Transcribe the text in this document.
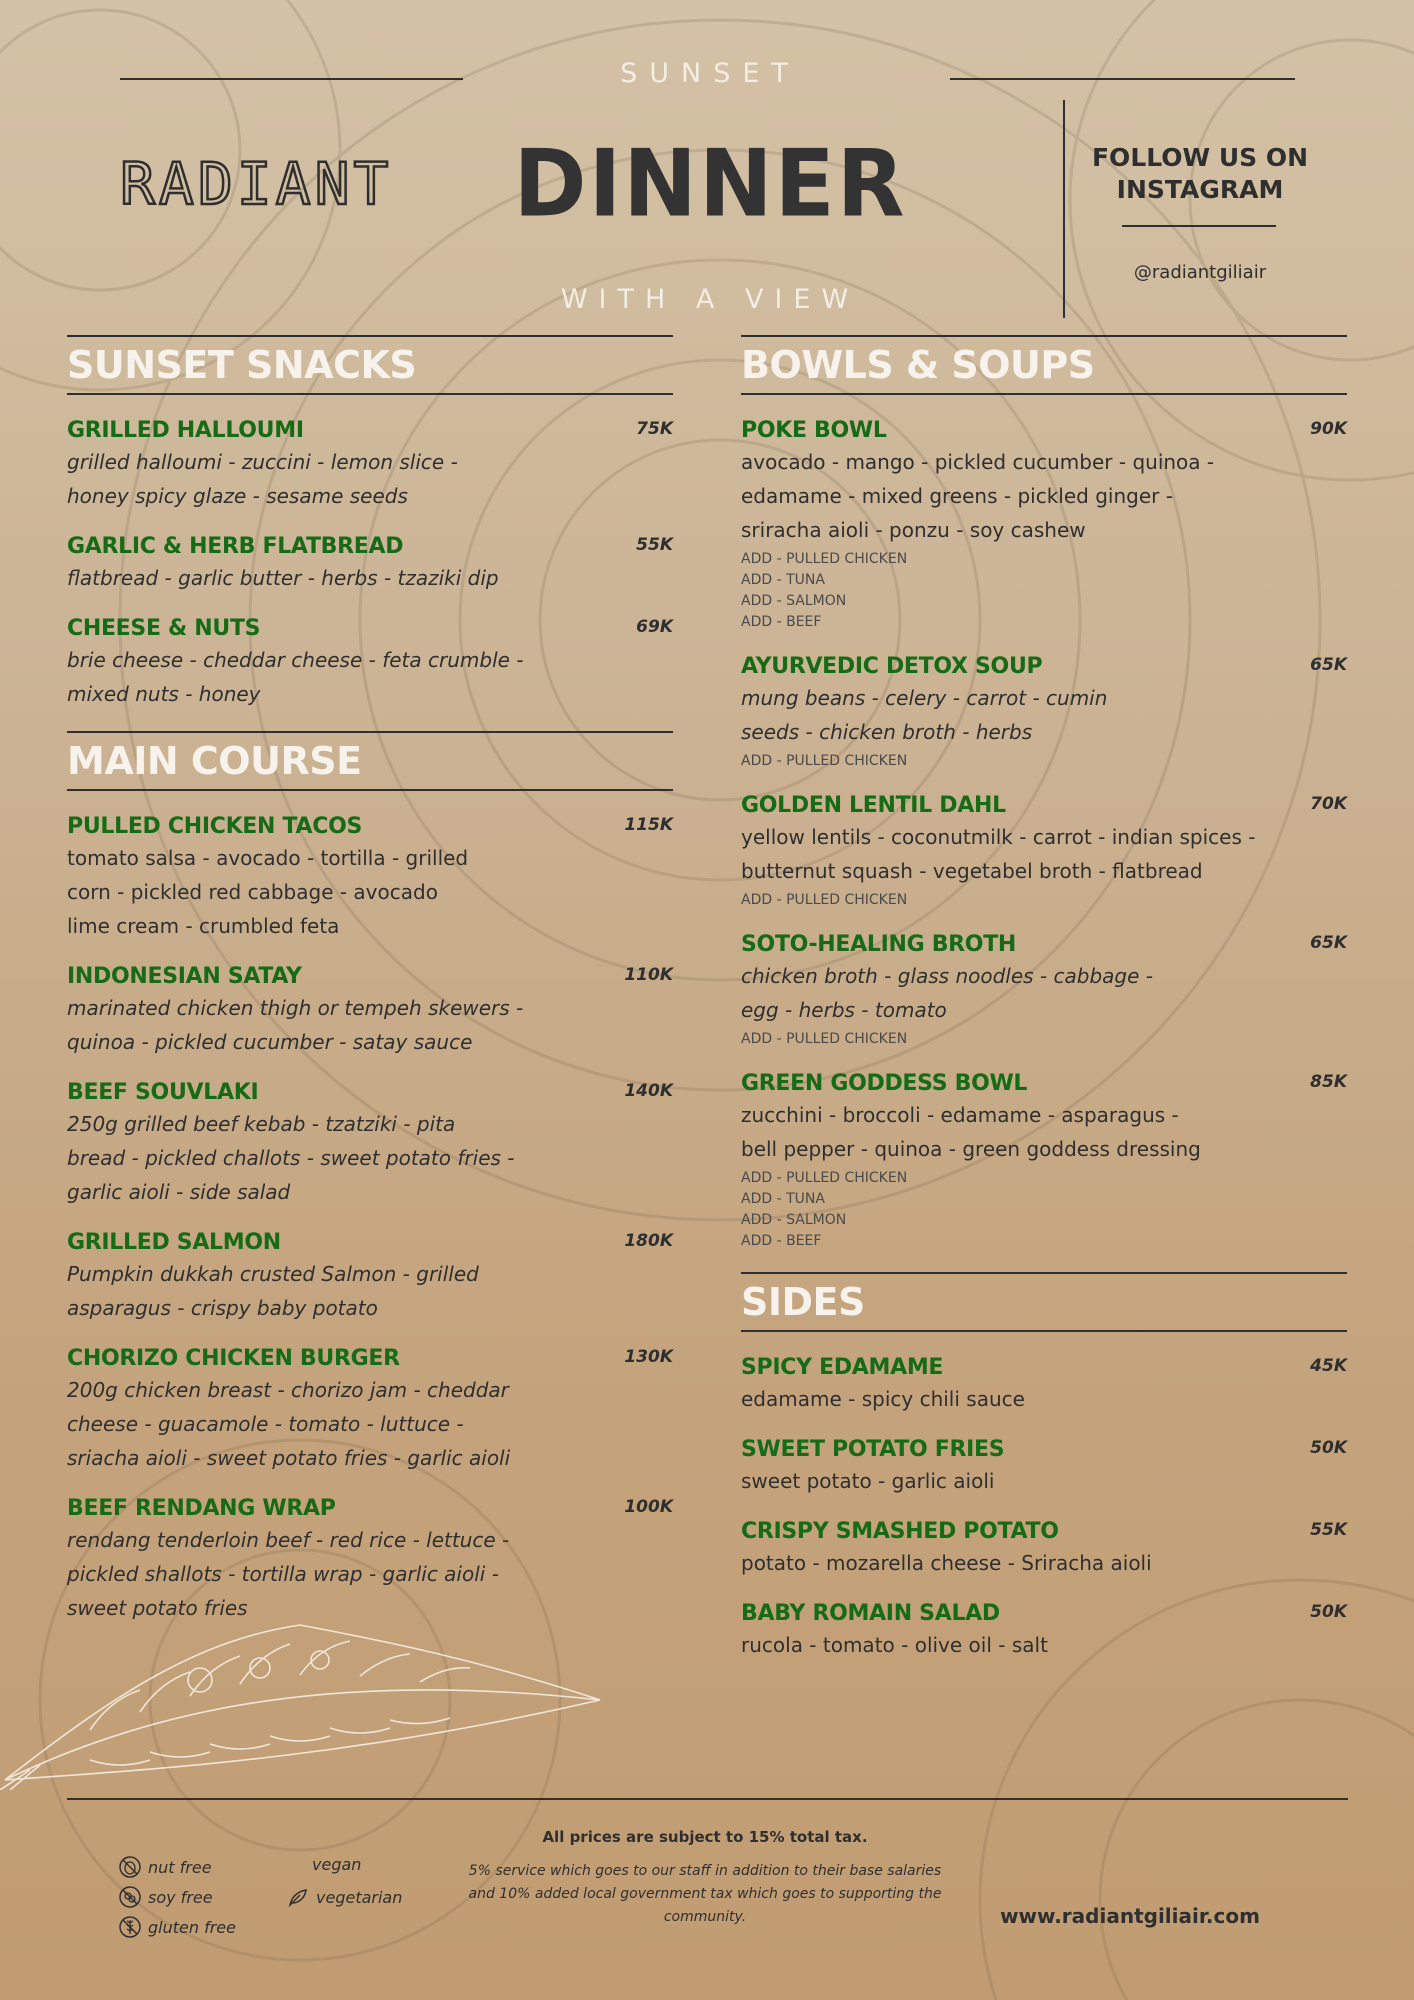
SUNSET
RADIANT	DINNER
WITH A VIEW
FOLLOW US ON INSTAGRAM
@radiantgiliair
SUNSET SNACKS
GRILLED HALLOUMI	75K
grilled halloumi - zuccini - lemon slice -
honey spicy glaze - sesame seeds
GARLIC & HERB FLATBREAD	55K
flatbread - garlic butter - herbs - tzaziki dip
CHEESE & NUTS	69K
brie cheese - cheddar cheese - feta crumble -
mixed nuts - honey
MAIN COURSE
PULLED CHICKEN TACOS	115K
tomato salsa - avocado - tortilla - grilled
corn - pickled red cabbage - avocado
lime cream - crumbled feta
INDONESIAN SATAY	110K
marinated chicken thigh or tempeh skewers -
quinoa - pickled cucumber - satay sauce
BEEF SOUVLAKI	140K
250g grilled beef kebab - tzatziki - pita
bread - pickled challots - sweet potato fries -
garlic aioli - side salad
GRILLED SALMON	180K
Pumpkin dukkah crusted Salmon - grilled
asparagus - crispy baby potato
CHORIZO CHICKEN BURGER	130K
200g chicken breast - chorizo jam - cheddar
cheese - guacamole - tomato - luttuce -
sriacha aioli - sweet potato fries - garlic aioli
BEEF RENDANG WRAP	100K
rendang tenderloin beef - red rice - lettuce -
pickled shallots - tortilla wrap - garlic aioli -
sweet potato fries
BOWLS & SOUPS
POKE BOWL	90K
avocado - mango - pickled cucumber - quinoa -
edamame - mixed greens - pickled ginger -
sriracha aioli - ponzu - soy cashew
ADD - PULLED CHICKEN
ADD - TUNA
ADD - SALMON
ADD - BEEF
AYURVEDIC DETOX SOUP	65K
mung beans - celery - carrot - cumin
seeds - chicken broth - herbs
ADD - PULLED CHICKEN
GOLDEN LENTIL DAHL	70K
yellow lentils - coconutmilk - carrot - indian spices -
butternut squash - vegetabel broth - flatbread
ADD - PULLED CHICKEN
SOTO-HEALING BROTH	65K
chicken broth - glass noodles - cabbage -
egg - herbs - tomato
ADD - PULLED CHICKEN
GREEN GODDESS BOWL	85K
zucchini - broccoli - edamame - asparagus -
bell pepper - quinoa - green goddess dressing
ADD - PULLED CHICKEN
ADD - TUNA
ADD - SALMON
ADD - BEEF
SIDES
SPICY EDAMAME	45K
edamame - spicy chili sauce
SWEET POTATO FRIES	50K
sweet potato - garlic aioli
CRISPY SMASHED POTATO	55K
potato - mozarella cheese - Sriracha aioli
BABY ROMAIN SALAD	50K
rucola - tomato - olive oil - salt
nut free
soy free
gluten free
vegan
vegetarian
All prices are subject to 15% total tax.
5% service which goes to our staff in addition to their base salaries
and 10% added local government tax which goes to supporting the
community.	www.radiantgiliair.com
